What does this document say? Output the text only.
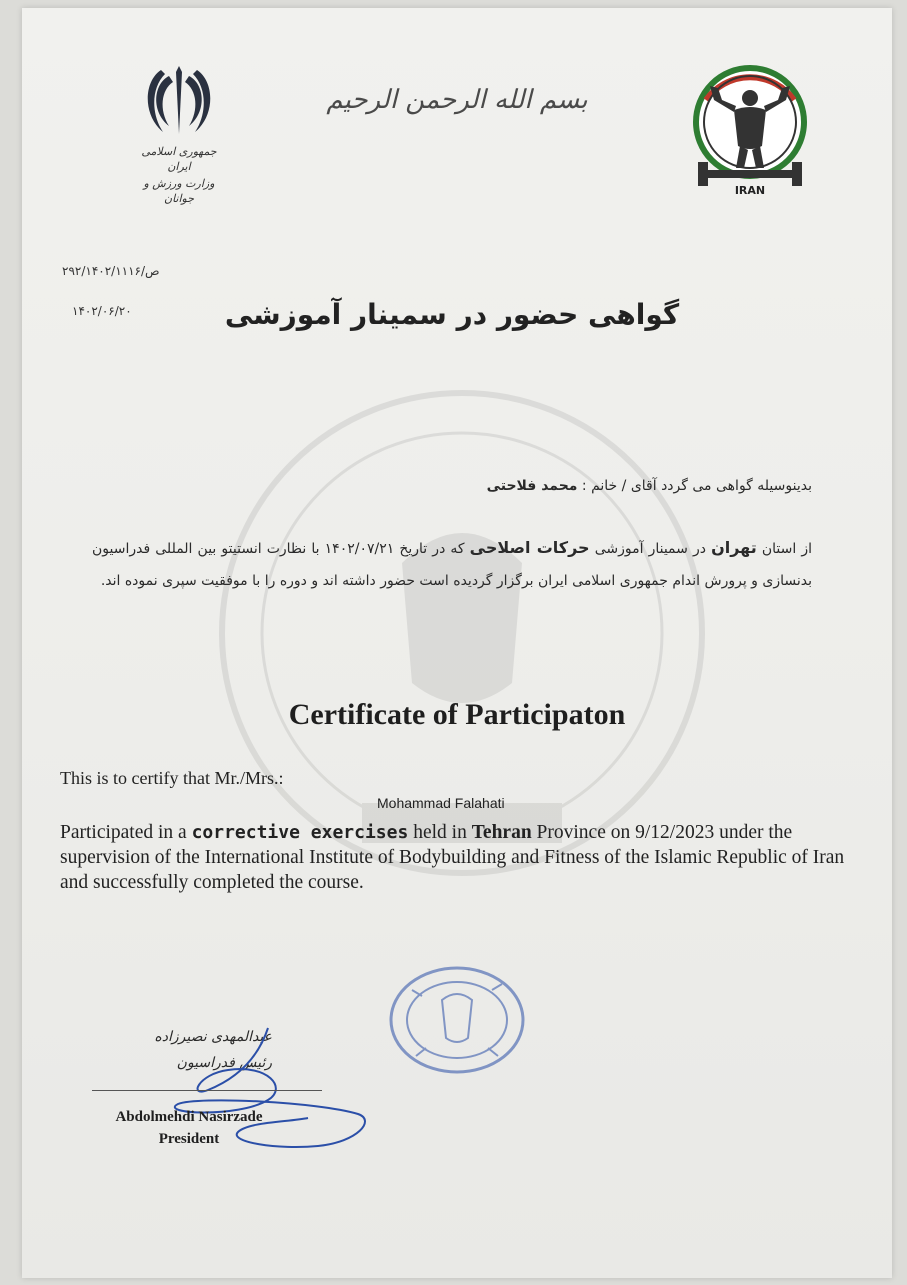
جمهوری اسلامی ایران
وزارت ورزش و جوانان
بسم الله الرحمن الرحیم
IRAN
۲۹۲/۱۴۰۲/ص/۱۱۱۶
۱۴۰۲/۰۶/۲۰	گواهی حضور در سمینار آموزشی
بدینوسیله گواهی می گردد آقای / خانم : محمد فلاحتی
از استان تهران در سمینار آموزشی حرکات اصلاحی که در تاریخ ۱۴۰۲/۰۷/۲۱ با نظارت انستیتو بین المللی فدراسیون بدنسازی و پرورش اندام جمهوری اسلامی ایران برگزار گردیده است حضور داشته اند و دوره را با موفقیت سپری نموده اند.
Certificate of Participaton
This is to certify that Mr./Mrs.:
Mohammad Falahati
Participated in a corrective exercises held in Tehran Province on 9/12/2023 under the supervision of the International Institute of Bodybuilding and Fitness of the Islamic Republic of Iran and successfully completed the course.
عبدالمهدی نصیرزاده
رئیس فدراسیون
Abdolmehdi Nasirzade
President
